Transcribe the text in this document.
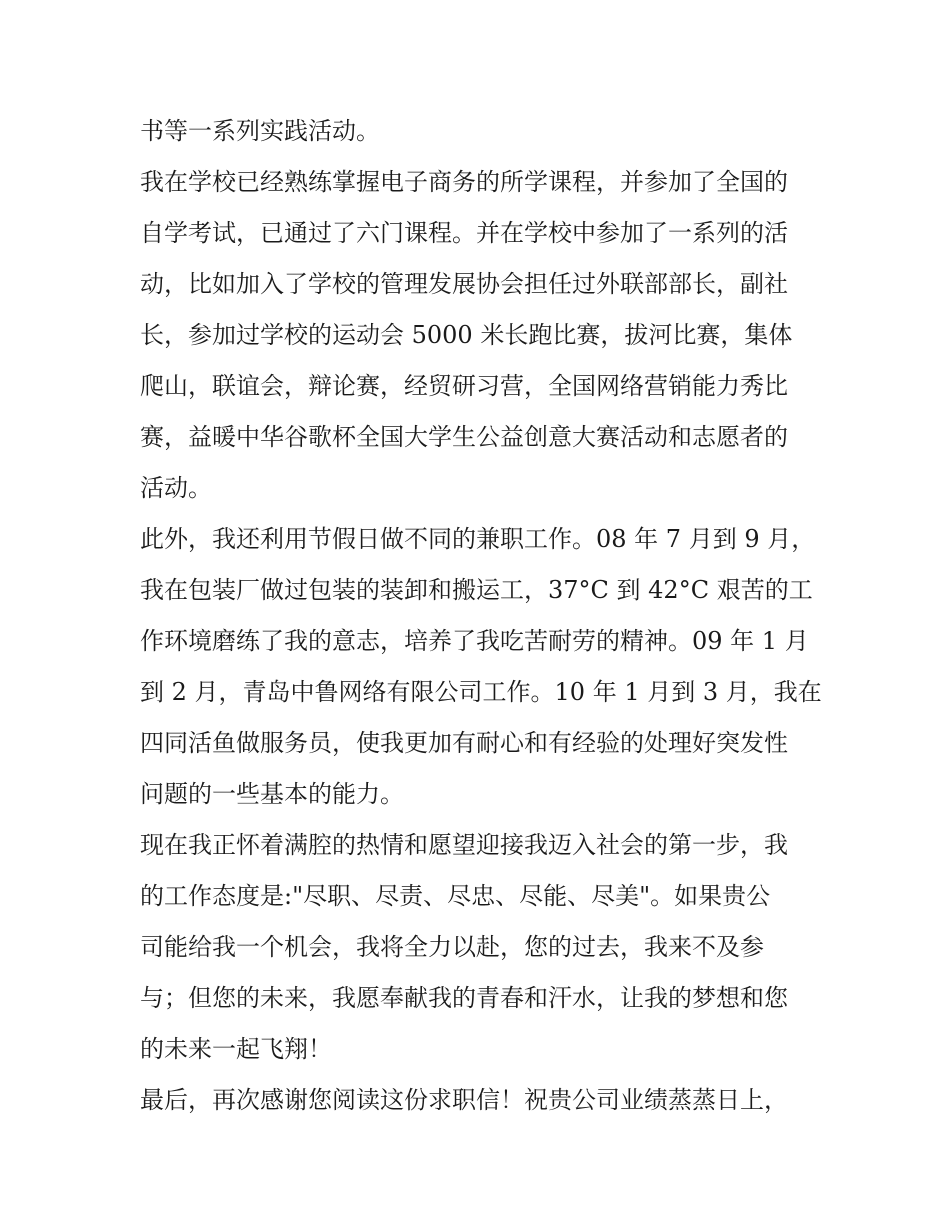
书等一系列实践活动。
我在学校已经熟练掌握电子商务的所学课程，并参加了全国的
自学考试，已通过了六门课程。并在学校中参加了一系列的活
动，比如加入了学校的管理发展协会担任过外联部部长，副社
长，参加过学校的运动会 5000 米长跑比赛，拔河比赛，集体
爬山，联谊会，辩论赛，经贸研习营，全国网络营销能力秀比
赛，益暖中华谷歌杯全国大学生公益创意大赛活动和志愿者的
活动。
此外，我还利用节假日做不同的兼职工作。08 年 7 月到 9 月，
我在包装厂做过包装的装卸和搬运工，37°C 到 42°C 艰苦的工
作环境磨练了我的意志，培养了我吃苦耐劳的精神。09 年 1 月
到 2 月，青岛中鲁网络有限公司工作。10 年 1 月到 3 月，我在
四同活鱼做服务员，使我更加有耐心和有经验的处理好突发性
问题的一些基本的能力。
现在我正怀着满腔的热情和愿望迎接我迈入社会的第一步，我
的工作态度是:"尽职、尽责、尽忠、尽能、尽美"。如果贵公
司能给我一个机会，我将全力以赴，您的过去，我来不及参
与；但您的未来，我愿奉献我的青春和汗水，让我的梦想和您
的未来一起飞翔！
最后，再次感谢您阅读这份求职信！祝贵公司业绩蒸蒸日上，
